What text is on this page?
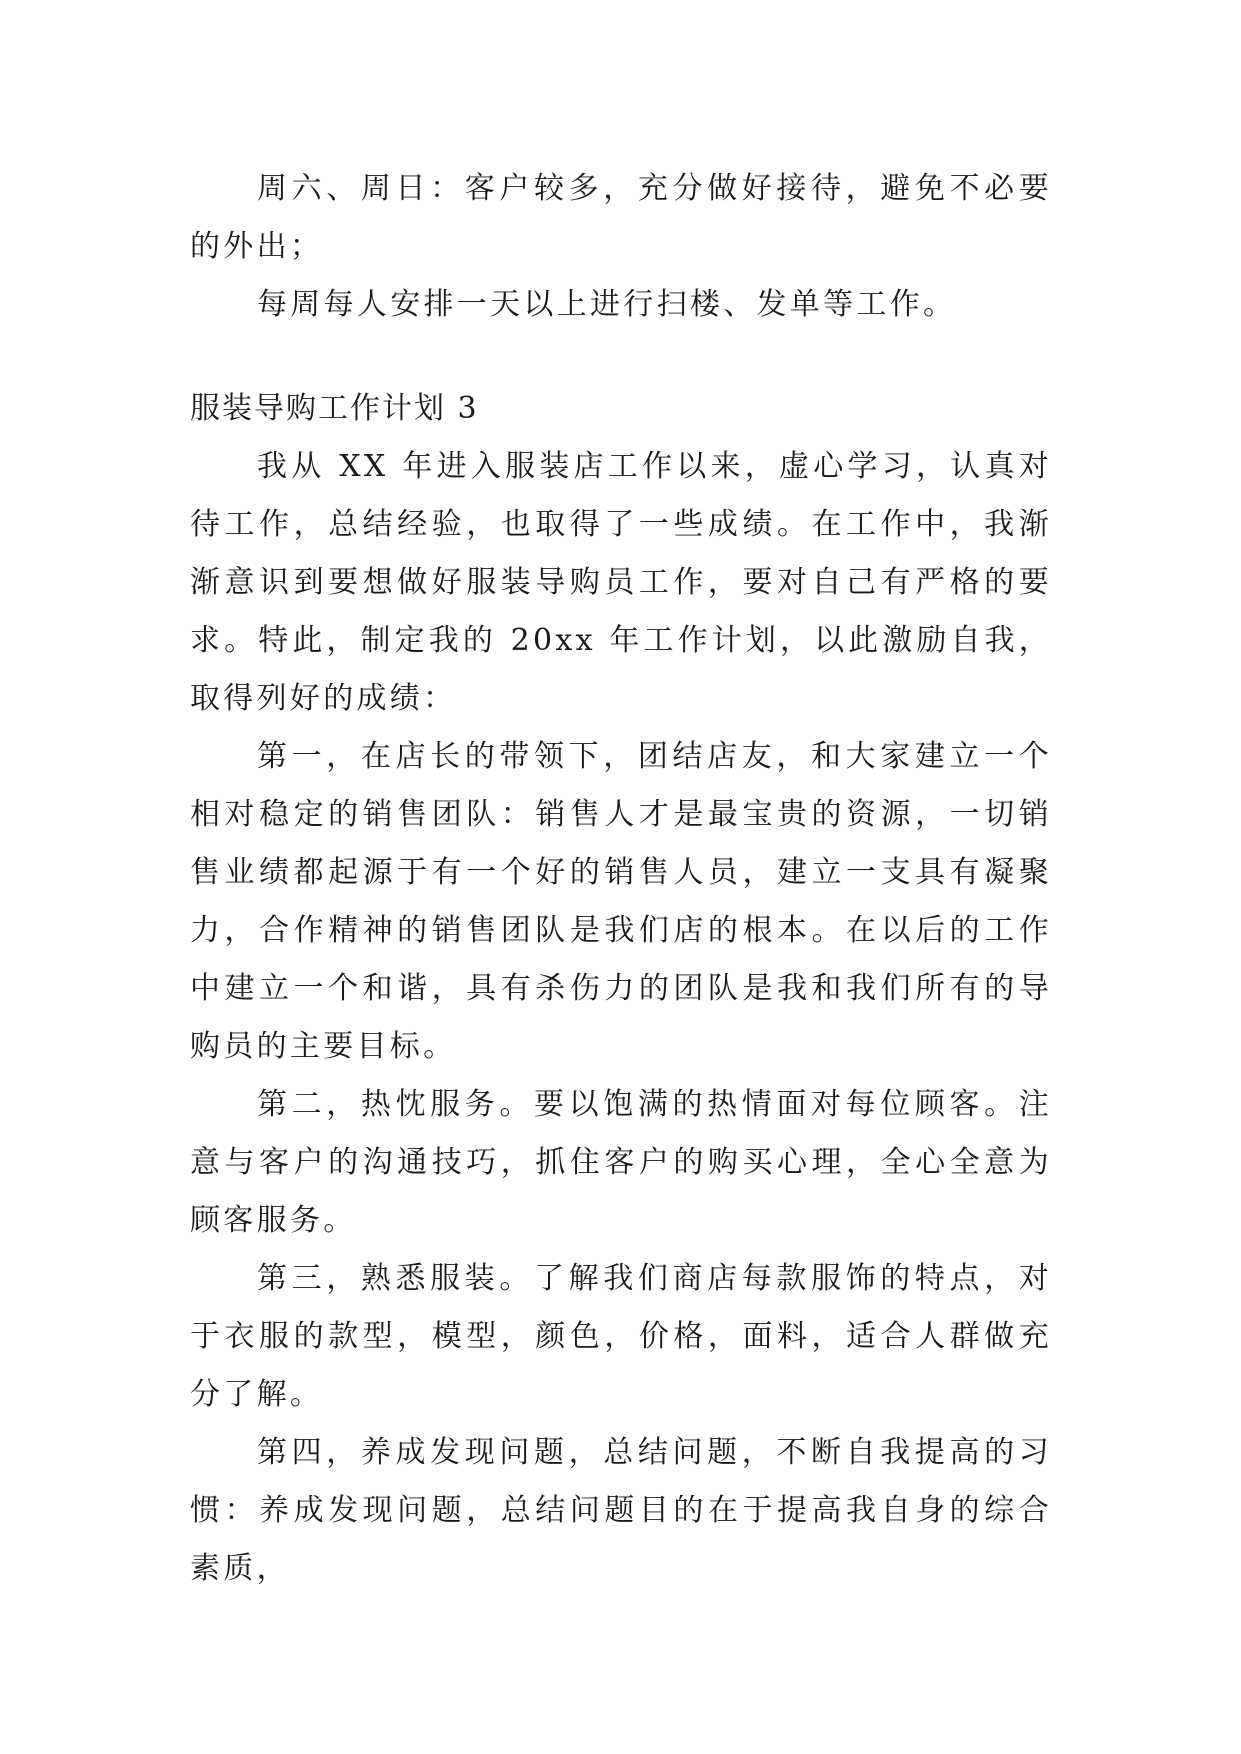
周六、周日：客户较多，充分做好接待，避免不必要的外出；

每周每人安排一天以上进行扫楼、发单等工作。

服装导购工作计划 3

我从 XX 年进入服装店工作以来，虚心学习，认真对待工作，总结经验，也取得了一些成绩。在工作中，我渐渐意识到要想做好服装导购员工作，要对自己有严格的要求。特此，制定我的 20xx 年工作计划，以此激励自我，取得列好的成绩：

第一，在店长的带领下，团结店友，和大家建立一个相对稳定的销售团队：销售人才是最宝贵的资源，一切销售业绩都起源于有一个好的销售人员，建立一支具有凝聚力，合作精神的销售团队是我们店的根本。在以后的工作中建立一个和谐，具有杀伤力的团队是我和我们所有的导购员的主要目标。

第二，热忱服务。要以饱满的热情面对每位顾客。注意与客户的沟通技巧，抓住客户的购买心理，全心全意为顾客服务。

第三，熟悉服装。了解我们商店每款服饰的特点，对于衣服的款型，模型，颜色，价格，面料，适合人群做充分了解。

第四，养成发现问题，总结问题，不断自我提高的习惯：养成发现问题，总结问题目的在于提高我自身的综合素质，
